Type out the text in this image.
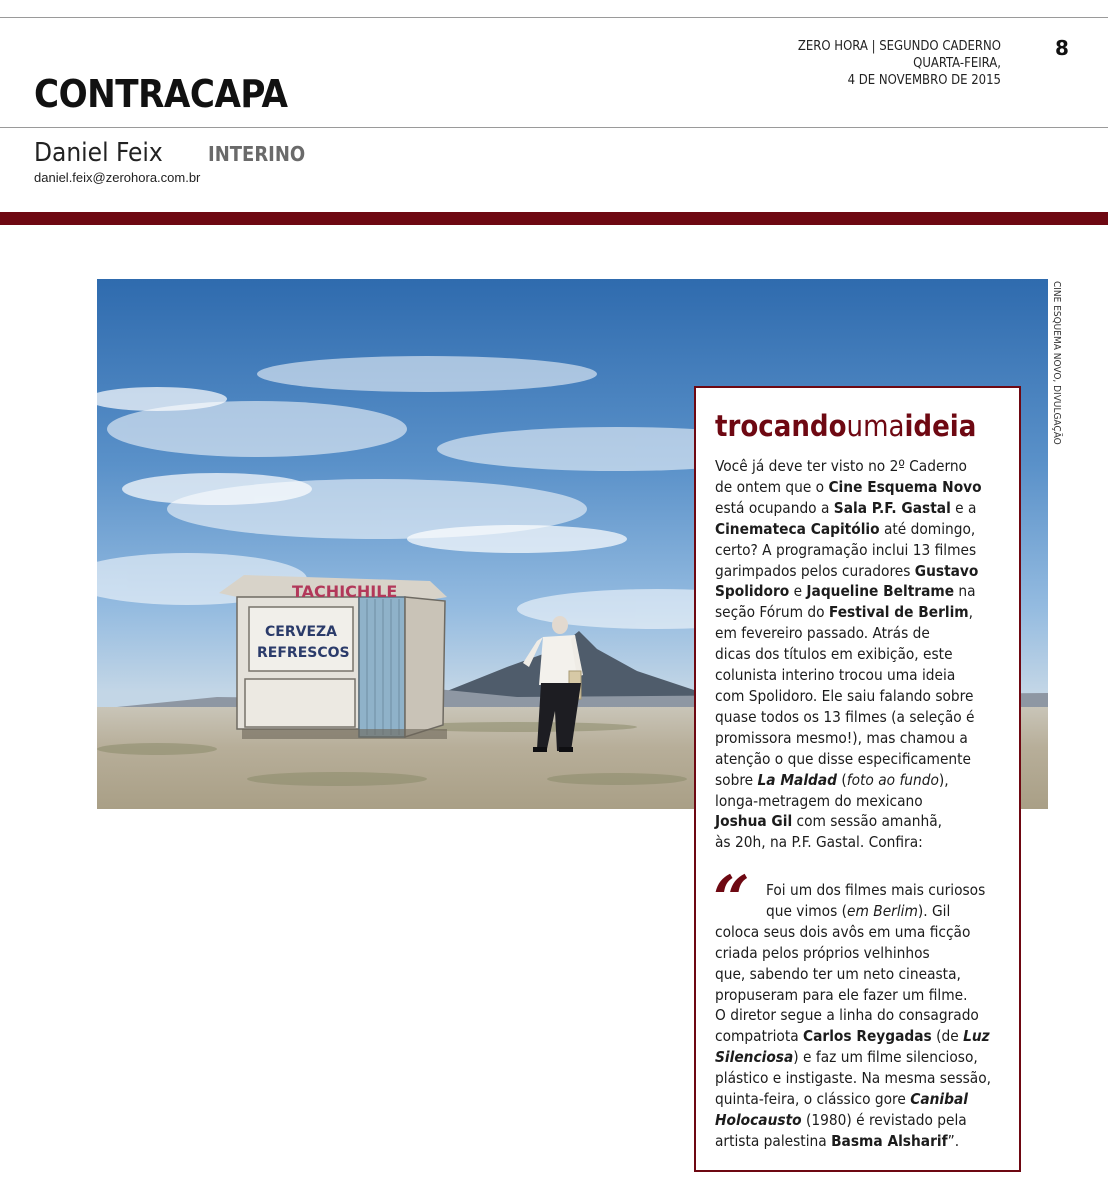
CONTRACAPA
ZERO HORA | SEGUNDO CADERNO
QUARTA-FEIRA,
4 DE NOVEMBRO DE 2015
8
Daniel Feix INTERINO
daniel.feix@zerohora.com.br
TACHICHILE
CERVEZA
REFRESCOS
CINE ESQUEMA NOVO, DIVULGAÇÃO
trocandoumaideia
Você já deve ter visto no 2º Caderno
de ontem que o Cine Esquema Novo
está ocupando a Sala P.F. Gastal e a
Cinemateca Capitólio até domingo,
certo? A programação inclui 13 filmes
garimpados pelos curadores Gustavo
Spolidoro e Jaqueline Beltrame na
seção Fórum do Festival de Berlim,
em fevereiro passado. Atrás de
dicas dos títulos em exibição, este
colunista interino trocou uma ideia
com Spolidoro. Ele saiu falando sobre
quase todos os 13 filmes (a seleção é
promissora mesmo!), mas chamou a
atenção o que disse especificamente
sobre La Maldad (foto ao fundo),
longa-metragem do mexicano
Joshua Gil com sessão amanhã,
às 20h, na P.F. Gastal. Confira:
“	Foi um dos filmes mais curiosos
que vimos (em Berlim). Gil
coloca seus dois avôs em uma ficção
criada pelos próprios velhinhos
que, sabendo ter um neto cineasta,
propuseram para ele fazer um filme.
O diretor segue a linha do consagrado
compatriota Carlos Reygadas (de Luz
Silenciosa) e faz um filme silencioso,
plástico e instigaste. Na mesma sessão,
quinta-feira, o clássico gore Canibal
Holocausto (1980) é revistado pela
artista palestina Basma Alsharif”.
